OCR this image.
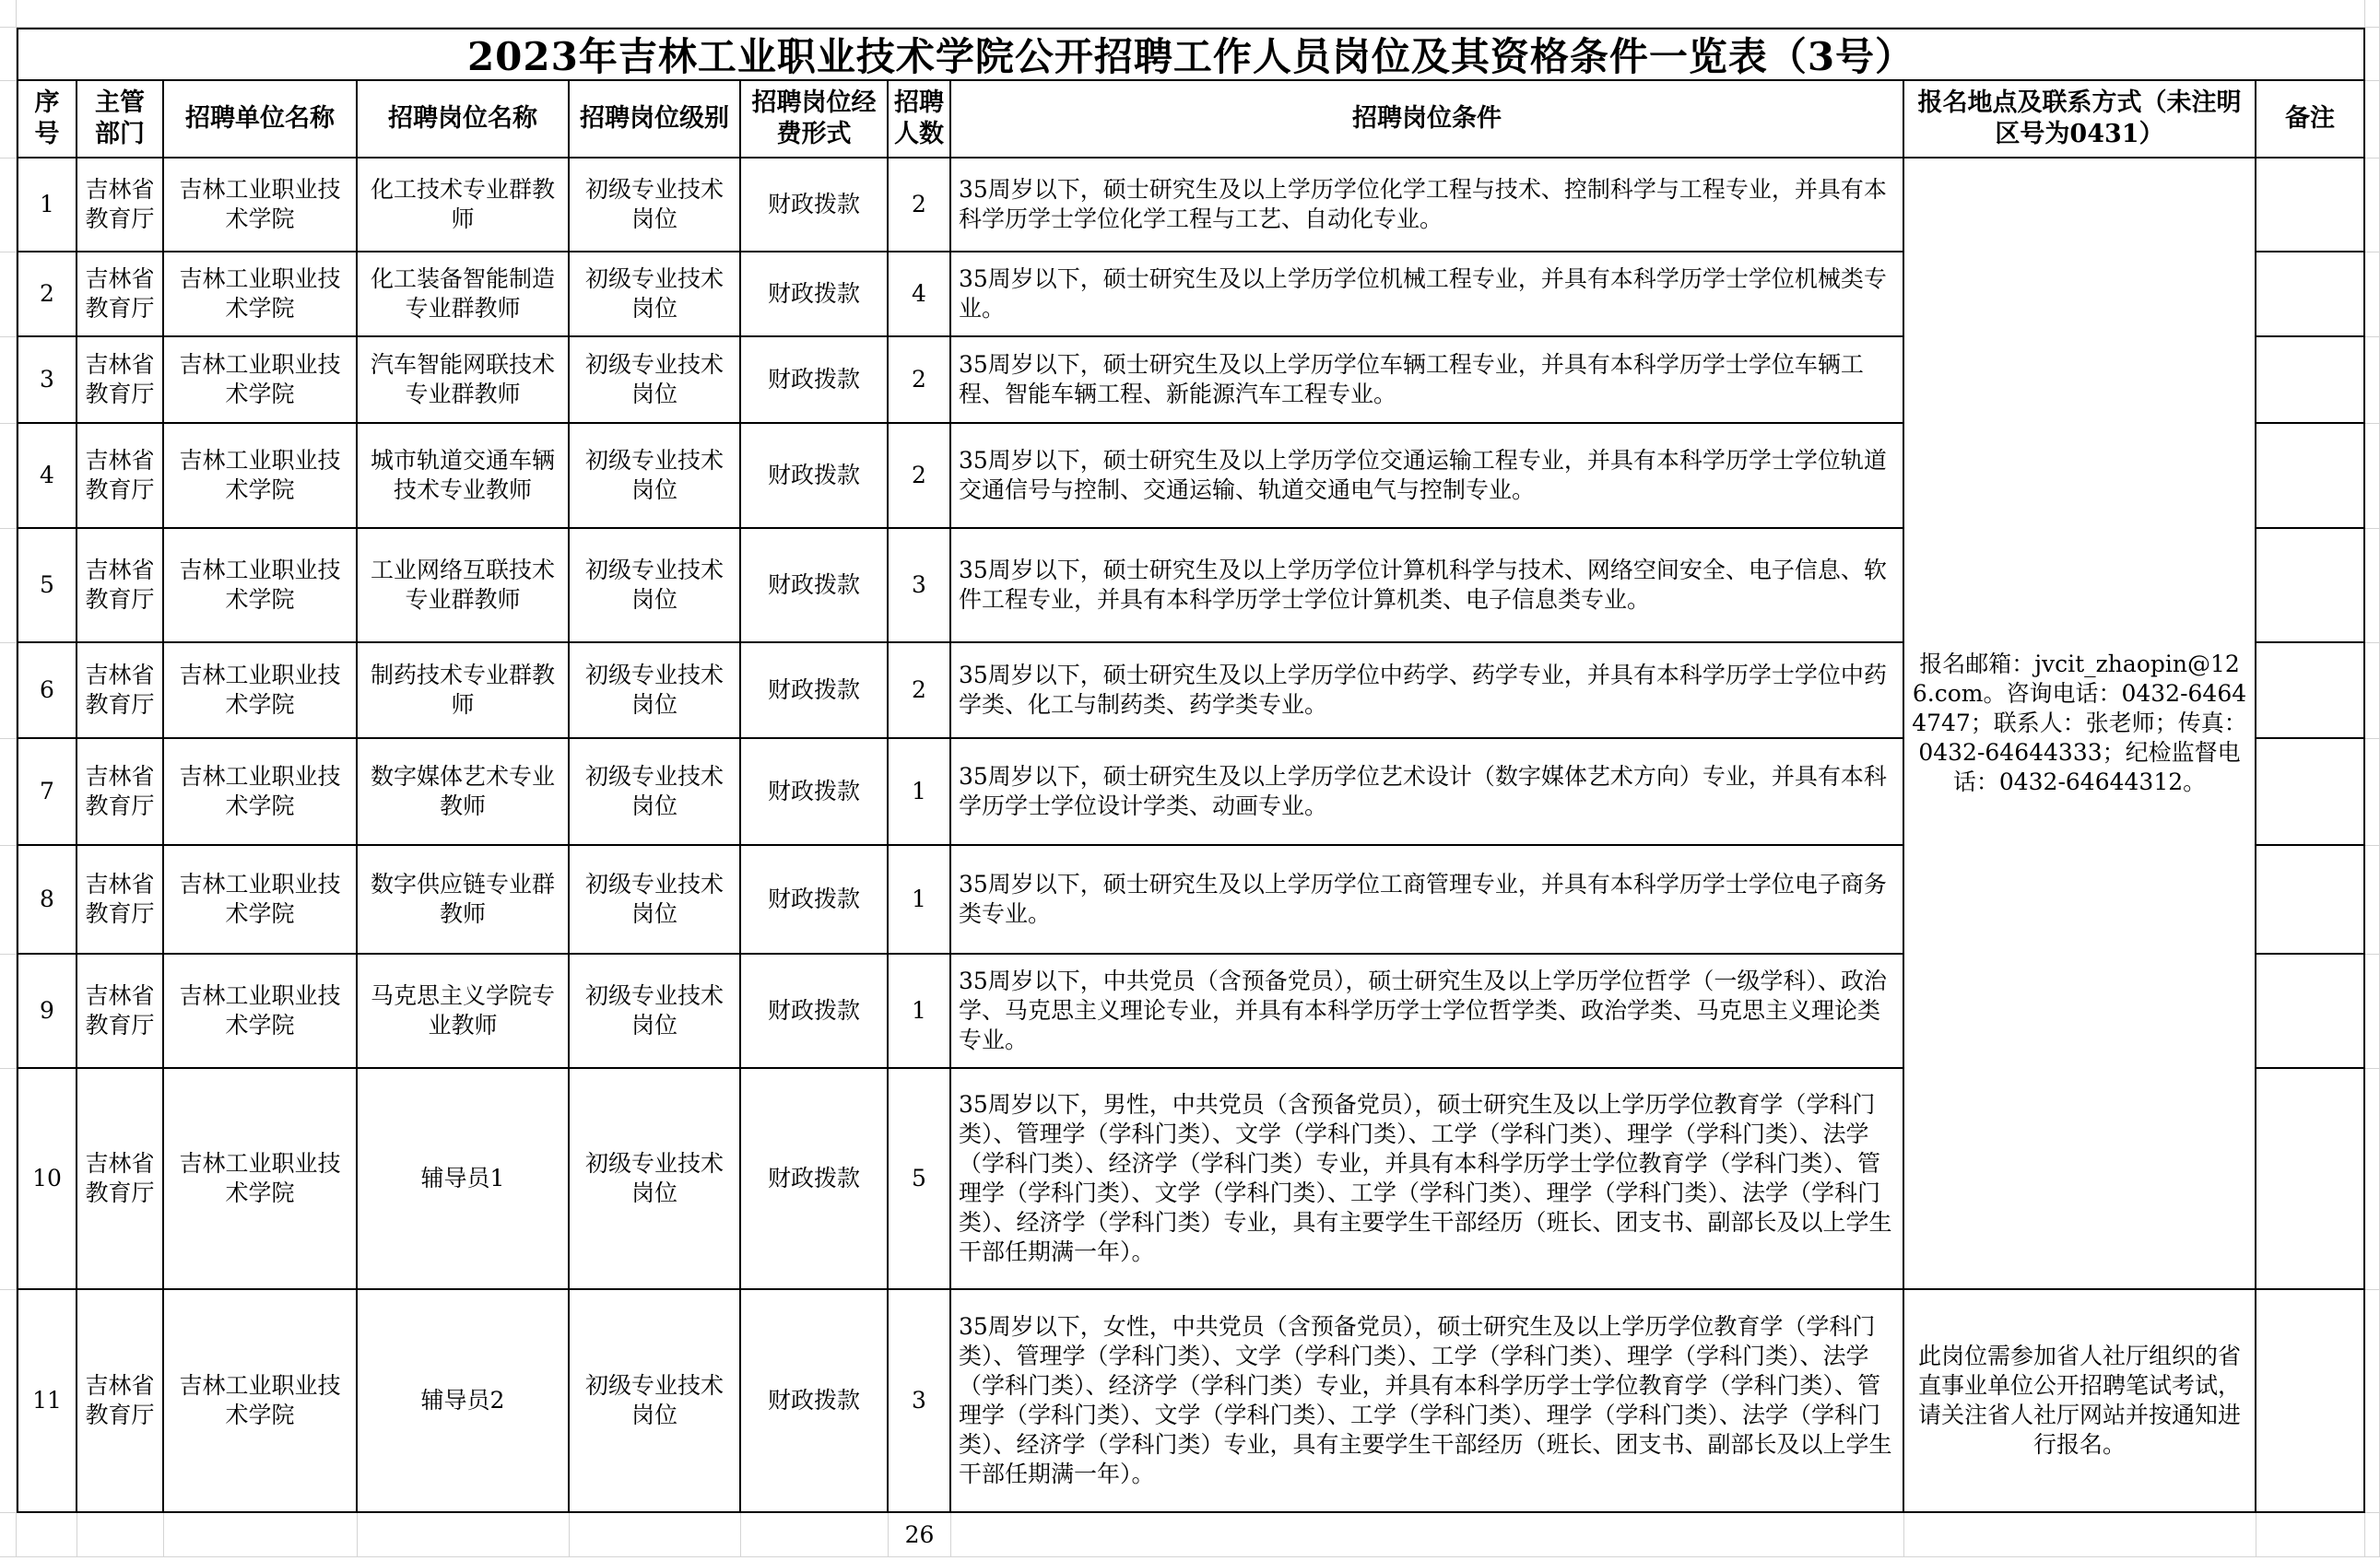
2023年吉林工业职业技术学院公开招聘工作人员岗位及其资格条件一览表（3号）
序号
主管部门
招聘单位名称 招聘岗位名称 招聘岗位级别
招聘岗位经费形式
招聘人数
招聘岗位条件
报名地点及联系方式（未注明区号为0431）
备注
1
吉林省教育厅
吉林工业职业技术学院
化工技术专业群教师
初级专业技术岗位
财政拨款 2
35周岁以下，硕士研究生及以上学历学位化学工程与技术、控制科学与工程专业，并具有本科学历学士学位化学工程与工艺、自动化专业。
2
吉林省教育厅
吉林工业职业技术学院
化工装备智能制造专业群教师
初级专业技术岗位
财政拨款 4
35周岁以下，硕士研究生及以上学历学位机械工程专业，并具有本科学历学士学位机械类专业。
3
吉林省教育厅
吉林工业职业技术学院
汽车智能网联技术专业群教师
初级专业技术岗位
财政拨款 2
35周岁以下，硕士研究生及以上学历学位车辆工程专业，并具有本科学历学士学位车辆工程、智能车辆工程、新能源汽车工程专业。
4
吉林省教育厅
吉林工业职业技术学院
城市轨道交通车辆技术专业教师
初级专业技术岗位
财政拨款 2
35周岁以下，硕士研究生及以上学历学位交通运输工程专业，并具有本科学历学士学位轨道交通信号与控制、交通运输、轨道交通电气与控制专业。
5
吉林省教育厅
吉林工业职业技术学院
工业网络互联技术专业群教师
初级专业技术岗位
财政拨款 3
35周岁以下，硕士研究生及以上学历学位计算机科学与技术、网络空间安全、电子信息、软件工程专业，并具有本科学历学士学位计算机类、电子信息类专业。
6
吉林省教育厅
吉林工业职业技术学院
制药技术专业群教师
初级专业技术岗位
财政拨款 2
35周岁以下，硕士研究生及以上学历学位中药学、药学专业，并具有本科学历学士学位中药学类、化工与制药类、药学类专业。
7
吉林省教育厅
吉林工业职业技术学院
数字媒体艺术专业教师
初级专业技术岗位
财政拨款 1
35周岁以下，硕士研究生及以上学历学位艺术设计（数字媒体艺术方向）专业，并具有本科学历学士学位设计学类、动画专业。
8
吉林省教育厅
吉林工业职业技术学院
数字供应链专业群教师
初级专业技术岗位
财政拨款 1
35周岁以下，硕士研究生及以上学历学位工商管理专业，并具有本科学历学士学位电子商务类专业。
9
吉林省教育厅
吉林工业职业技术学院
马克思主义学院专业教师
初级专业技术岗位
财政拨款 1
35周岁以下，中共党员（含预备党员），硕士研究生及以上学历学位哲学（一级学科）、政治学、马克思主义理论专业，并具有本科学历学士学位哲学类、政治学类、马克思主义理论类专业。
10
吉林省教育厅
吉林工业职业技术学院
辅导员1
初级专业技术岗位
财政拨款 5
35周岁以下，男性，中共党员（含预备党员），硕士研究生及以上学历学位教育学（学科门类）、管理学（学科门类）、文学（学科门类）、工学（学科门类）、理学（学科门类）、法学（学科门类）、经济学（学科门类）专业，并具有本科学历学士学位教育学（学科门类）、管理学（学科门类）、文学（学科门类）、工学（学科门类）、理学（学科门类）、法学（学科门类）、经济学（学科门类）专业，具有主要学生干部经历（班长、团支书、副部长及以上学生干部任期满一年）。
11
吉林省教育厅
吉林工业职业技术学院
辅导员2
初级专业技术岗位
财政拨款 3
35周岁以下，女性，中共党员（含预备党员），硕士研究生及以上学历学位教育学（学科门类）、管理学（学科门类）、文学（学科门类）、工学（学科门类）、理学（学科门类）、法学（学科门类）、经济学（学科门类）专业，并具有本科学历学士学位教育学（学科门类）、管理学（学科门类）、文学（学科门类）、工学（学科门类）、理学（学科门类）、法学（学科门类）、经济学（学科门类）专业，具有主要学生干部经历（班长、团支书、副部长及以上学生干部任期满一年）。
报名邮箱：jvcit_zhaopin@126.com。咨询电话：0432-64644747；联系人：张老师；传真：0432-64644333；纪检监督电话：0432-64644312。
此岗位需参加省人社厅组织的省直事业单位公开招聘笔试考试，请关注省人社厅网站并按通知进行报名。
26
